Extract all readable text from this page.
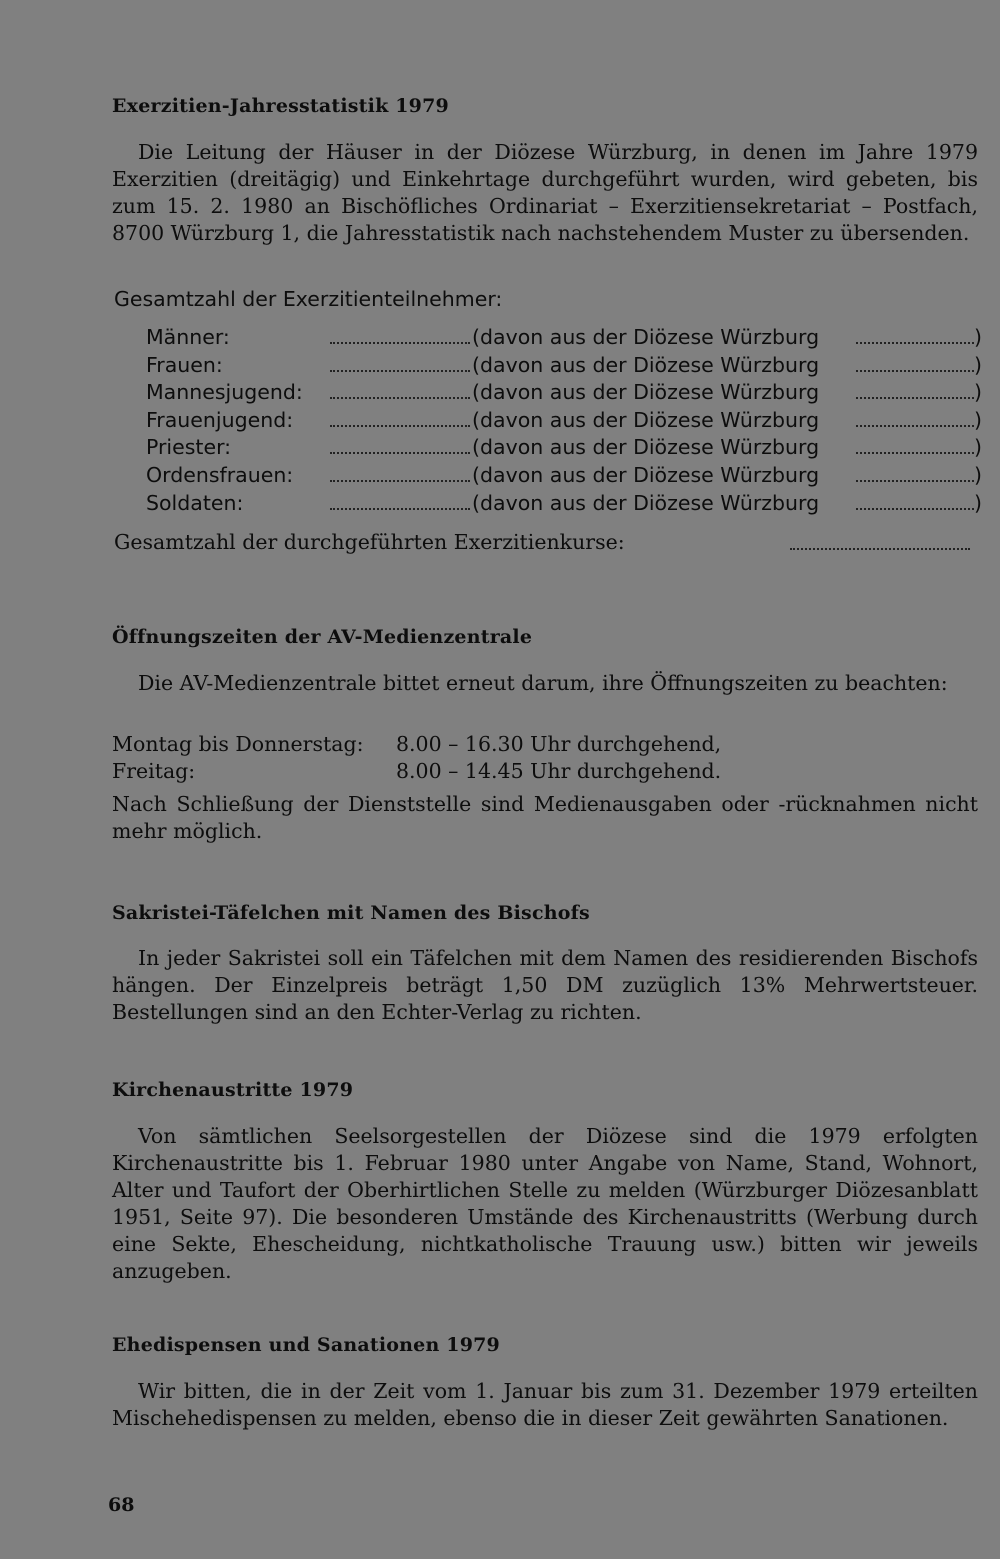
Exerzitien-Jahresstatistik 1979

Die Leitung der Häuser in der Diözese Würzburg, in denen im Jahre 1979 Exerzitien (dreitägig) und Einkehrtage durchgeführt wurden, wird gebeten, bis zum 15. 2. 1980 an Bischöfliches Ordinariat – Exerzitiensekretariat – Postfach, 8700 Würzburg 1, die Jahresstatistik nach nachstehendem Muster zu übersenden.

Gesamtzahl der Exerzitienteilnehmer:
Männer:	(davon aus der Diözese Würzburg	)
Frauen:	(davon aus der Diözese Würzburg	)
Mannesjugend:	(davon aus der Diözese Würzburg	)
Frauenjugend:	(davon aus der Diözese Würzburg	)
Priester:	(davon aus der Diözese Würzburg	)
Ordensfrauen:	(davon aus der Diözese Würzburg	)
Soldaten:	(davon aus der Diözese Würzburg	)
Gesamtzahl der durchgeführten Exerzitienkurse:
Öffnungszeiten der AV-Medienzentrale

Die AV-Medienzentrale bittet erneut darum, ihre Öffnungszeiten zu beachten:

Montag bis Donnerstag: 8.00 – 16.30 Uhr durchgehend,
Freitag:	8.00 – 14.45 Uhr durchgehend.

Nach Schließung der Dienststelle sind Medienausgaben oder -rücknahmen nicht mehr möglich.

Sakristei-Täfelchen mit Namen des Bischofs

In jeder Sakristei soll ein Täfelchen mit dem Namen des residierenden Bischofs hängen. Der Einzelpreis beträgt 1,50 DM zuzüglich 13% Mehrwertsteuer. Bestellungen sind an den Echter-Verlag zu richten.

Kirchenaustritte 1979

Von sämtlichen Seelsorgestellen der Diözese sind die 1979 erfolgten Kirchenaustritte bis 1. Februar 1980 unter Angabe von Name, Stand, Wohnort, Alter und Taufort der Oberhirtlichen Stelle zu melden (Würzburger Diözesanblatt 1951, Seite 97). Die besonderen Umstände des Kirchenaustritts (Werbung durch eine Sekte, Ehescheidung, nichtkatholische Trauung usw.) bitten wir jeweils anzugeben.

Ehedispensen und Sanationen 1979

Wir bitten, die in der Zeit vom 1. Januar bis zum 31. Dezember 1979 erteilten Mischehedispensen zu melden, ebenso die in dieser Zeit gewährten Sanationen.

68
